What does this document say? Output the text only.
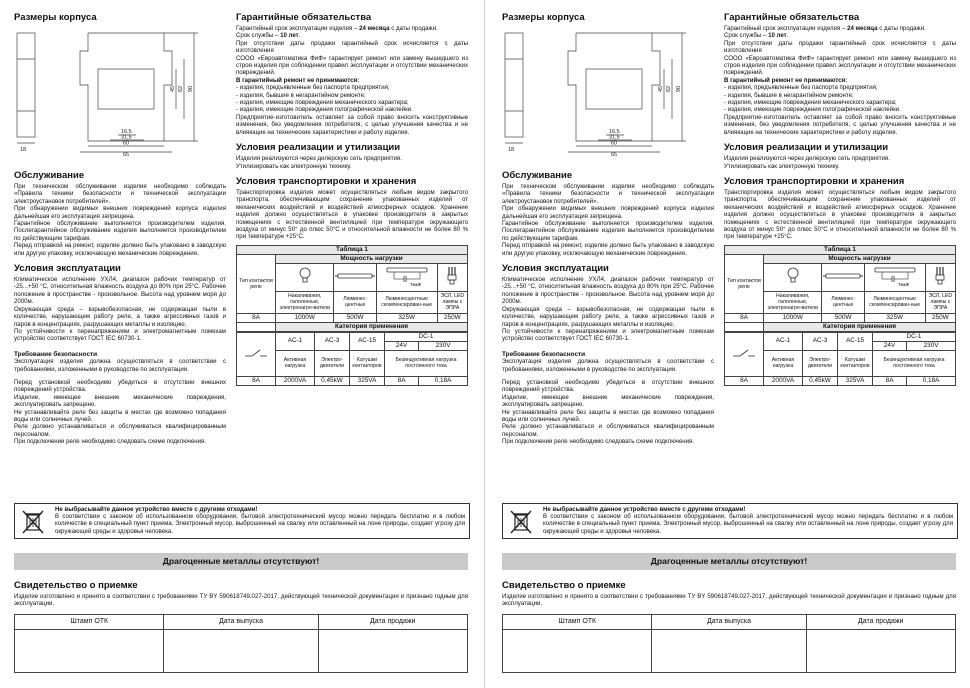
Размеры корпуса
18
45 62 90
16,5
31,5
60
65
Обслуживание

При техническом обслуживании изделия необходимо соблюдать «Правила техники безопасности и технической эксплуатации электроустановок потребителей».

При обнаружении видимых внешних повреждений корпуса изделия дальнейшая его эксплуатация запрещена.

Гарантийное обслуживание выполняется производителем изделия. Послегарантийное обслуживание изделия выполняется производителем по действующим тарифам.

Перед отправкой на ремонт, изделие должно быть упаковано в заводскую или другую упаковку, исключающую механические повреждения.

Условия эксплуатации

Климатическое исполнение УХЛ4, диапазон рабочих температур от -25...+50 °С, относительная влажность воздуха до 80% при 25°С. Рабочее положение в пространстве - произвольное. Высота над уровнем моря до 2000м.

Окружающая среда – взрывобезопасная, не содержащая пыли в количестве, нарушающем работу реле, а также агрессивных газов и паров в концентрациях, разрушающих металлы и изоляцию.

По устойчивости к перенапряжениям и электромагнитным помехам устройство соответствует ГОСТ IEC 60730-1.

Требование безопасности

Эксплуатация изделия должна осуществляться в соответствии с требованиями, изложенными в руководстве по эксплуатации.

Перед установкой необходимо убедиться в отсутствии внешних повреждений устройства.

Изделие, имеющее внешние механические повреждения, эксплуатировать запрещено.

Не устанавливайте реле без защиты в местах где возможно попадания воды или солнечных лучей.

Реле должно устанавливаться и обслуживаться квалифицированным персоналом.

При подключении реле необходимо следовать схеме подключения.

Гарантийные обязательства

Гарантийный срок эксплуатации изделия – 24 месяца с даты продажи.

Срок службы – 10 лет.

При отсутствии даты продажи гарантийный срок исчисляется с даты изготовления

СООО «Евроавтоматика ФиФ» гарантирует ремонт или замену вышедшего из строя изделия при соблюдении правил эксплуатации и отсутствии механических повреждений.

В гарантийный ремонт не принимаются:

- изделия, предъявленные без паспорта предприятия;

- изделия, бывшие в негарантийном ремонте;

- изделия, имеющие повреждения механического характера;

- изделия, имеющие повреждения голографической наклейки.

Предприятие-изготовитель оставляет за собой право вносить конструктивные изменения, без уведомления потребителя, с целью улучшения качества и не влияющие на технические характеристики и работу изделия.

Условия реализации и утилизации

Изделия реализуются через дилерскую сеть предприятия.

Утилизировать как электронную технику.

Условия транспортировки и хранения

Транспортировка изделия может осуществляться любым видом закрытого транспорта, обеспечивающим сохранение упакованных изделий от механических воздействий и воздействий атмосферных осадков. Хранение изделия должно осуществляться в упаковке производителя в закрытых помещениях с естественной вентиляцией при температуре окружающего воздуха от минус 50° до плюс 50°С и относительной влажности не более 80 % при температуре +25°С.

Таблица 1				
Тип контактов реле	Мощность нагрузки			

7мкФ

	Накаливания, галогенные, электронагре-ватели	Люминес-центные	Люминесцентные скомпенсирован-ные	ЭСЛ, LED лампы с ЭПРА
8A	1000W	500W	325W	250W
	Категория применения			
	AC-1	AC-3	AC-15	DC-1	
				24V	230V
	Активная нагрузка	Электро-двигатели	Катушки контакторов	Безиндуктивная нагрузка постоянного тока	
8A	2000VA	0,45kW	325VA	8A	0,18A

Не выбрасывайте данное устройство вместе с другими отходами!

В соответствии с законом об использованном оборудовании, бытовой электротехнический мусор можно передать бесплатно и в любом количестве в специальный пункт приема. Электронный мусор, выброшенный на свалку или оставленный на лоне природы, создает угрозу для окружающей среды и здоровья человека.

Драгоценные металлы отсутствуют!
Свидетельство о приемке

Изделие изготовлено и принято в соответствии с требованиями ТУ BY 590618749.027-2017, действующей технической документации и признано годным для эксплуатации.

Штамп ОТК	Дата выпуска	Дата продажи

Размеры корпуса
18
45 62 90
16,5
31,5
60
65
Обслуживание

При техническом обслуживании изделия необходимо соблюдать «Правила техники безопасности и технической эксплуатации электроустановок потребителей».

При обнаружении видимых внешних повреждений корпуса изделия дальнейшая его эксплуатация запрещена.

Гарантийное обслуживание выполняется производителем изделия. Послегарантийное обслуживание изделия выполняется производителем по действующим тарифам.

Перед отправкой на ремонт, изделие должно быть упаковано в заводскую или другую упаковку, исключающую механические повреждения.

Условия эксплуатации

Климатическое исполнение УХЛ4, диапазон рабочих температур от -25...+50 °С, относительная влажность воздуха до 80% при 25°С. Рабочее положение в пространстве - произвольное. Высота над уровнем моря до 2000м.

Окружающая среда – взрывобезопасная, не содержащая пыли в количестве, нарушающем работу реле, а также агрессивных газов и паров в концентрациях, разрушающих металлы и изоляцию.

По устойчивости к перенапряжениям и электромагнитным помехам устройство соответствует ГОСТ IEC 60730-1.

Требование безопасности

Эксплуатация изделия должна осуществляться в соответствии с требованиями, изложенными в руководстве по эксплуатации.

Перед установкой необходимо убедиться в отсутствии внешних повреждений устройства.

Изделие, имеющее внешние механические повреждения, эксплуатировать запрещено.

Не устанавливайте реле без защиты в местах где возможно попадания воды или солнечных лучей.

Реле должно устанавливаться и обслуживаться квалифицированным персоналом.

При подключении реле необходимо следовать схеме подключения.

Гарантийные обязательства

Гарантийный срок эксплуатации изделия – 24 месяца с даты продажи.

Срок службы – 10 лет.

При отсутствии даты продажи гарантийный срок исчисляется с даты изготовления

СООО «Евроавтоматика ФиФ» гарантирует ремонт или замену вышедшего из строя изделия при соблюдении правил эксплуатации и отсутствии механических повреждений.

В гарантийный ремонт не принимаются:

- изделия, предъявленные без паспорта предприятия;

- изделия, бывшие в негарантийном ремонте;

- изделия, имеющие повреждения механического характера;

- изделия, имеющие повреждения голографической наклейки.

Предприятие-изготовитель оставляет за собой право вносить конструктивные изменения, без уведомления потребителя, с целью улучшения качества и не влияющие на технические характеристики и работу изделия.

Условия реализации и утилизации

Изделия реализуются через дилерскую сеть предприятия.

Утилизировать как электронную технику.

Условия транспортировки и хранения

Транспортировка изделия может осуществляться любым видом закрытого транспорта, обеспечивающим сохранение упакованных изделий от механических воздействий и воздействий атмосферных осадков. Хранение изделия должно осуществляться в упаковке производителя в закрытых помещениях с естественной вентиляцией при температуре окружающего воздуха от минус 50° до плюс 50°С и относительной влажности не более 80 % при температуре +25°С.

Таблица 1				
Тип контактов реле	Мощность нагрузки			

7мкФ

	Накаливания, галогенные, электронагре-ватели	Люминес-центные	Люминесцентные скомпенсирован-ные	ЭСЛ, LED лампы с ЭПРА
8A	1000W	500W	325W	250W
	Категория применения			
	AC-1	AC-3	AC-15	DC-1	
				24V	230V
	Активная нагрузка	Электро-двигатели	Катушки контакторов	Безиндуктивная нагрузка постоянного тока	
8A	2000VA	0,45kW	325VA	8A	0,18A

Не выбрасывайте данное устройство вместе с другими отходами!

В соответствии с законом об использованном оборудовании, бытовой электротехнический мусор можно передать бесплатно и в любом количестве в специальный пункт приема. Электронный мусор, выброшенный на свалку или оставленный на лоне природы, создает угрозу для окружающей среды и здоровья человека.

Драгоценные металлы отсутствуют!
Свидетельство о приемке

Изделие изготовлено и принято в соответствии с требованиями ТУ BY 590618749.027-2017, действующей технической документации и признано годным для эксплуатации.

Штамп ОТК	Дата выпуска	Дата продажи
